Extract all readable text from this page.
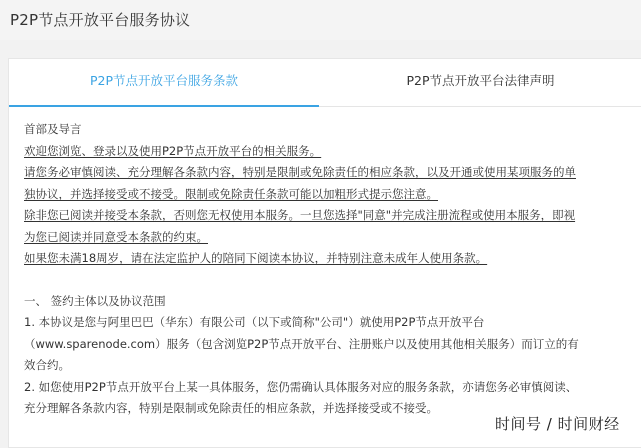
P2P节点开放平台服务协议
P2P节点开放平台服务条款	P2P节点开放平台法律声明

首部及导言

欢迎您浏览、登录以及使用P2P节点开放平台的相关服务。

请您务必审慎阅读、充分理解各条款内容，特别是限制或免除责任的相应条款，以及开通或使用某项服务的单

独协议，并选择接受或不接受。限制或免除责任条款可能以加粗形式提示您注意。

除非您已阅读并接受本条款，否则您无权使用本服务。一旦您选择"同意"并完成注册流程或使用本服务，即视

为您已阅读并同意受本条款的约束。

如果您未满18周岁，请在法定监护人的陪同下阅读本协议，并特别注意未成年人使用条款。

一、 签约主体以及协议范围

1. 本协议是您与阿里巴巴（华东）有限公司（以下或简称"公司"）就使用P2P节点开放平台

（www.sparenode.com）服务（包含浏览P2P节点开放平台、注册账户以及使用其他相关服务）而订立的有

效合约。

2. 如您使用P2P节点开放平台上某一具体服务，您仍需确认具体服务对应的服务条款，亦请您务必审慎阅读、

充分理解各条款内容，特别是限制或免除责任的相应条款，并选择接受或不接受。

时间号 / 时间财经
